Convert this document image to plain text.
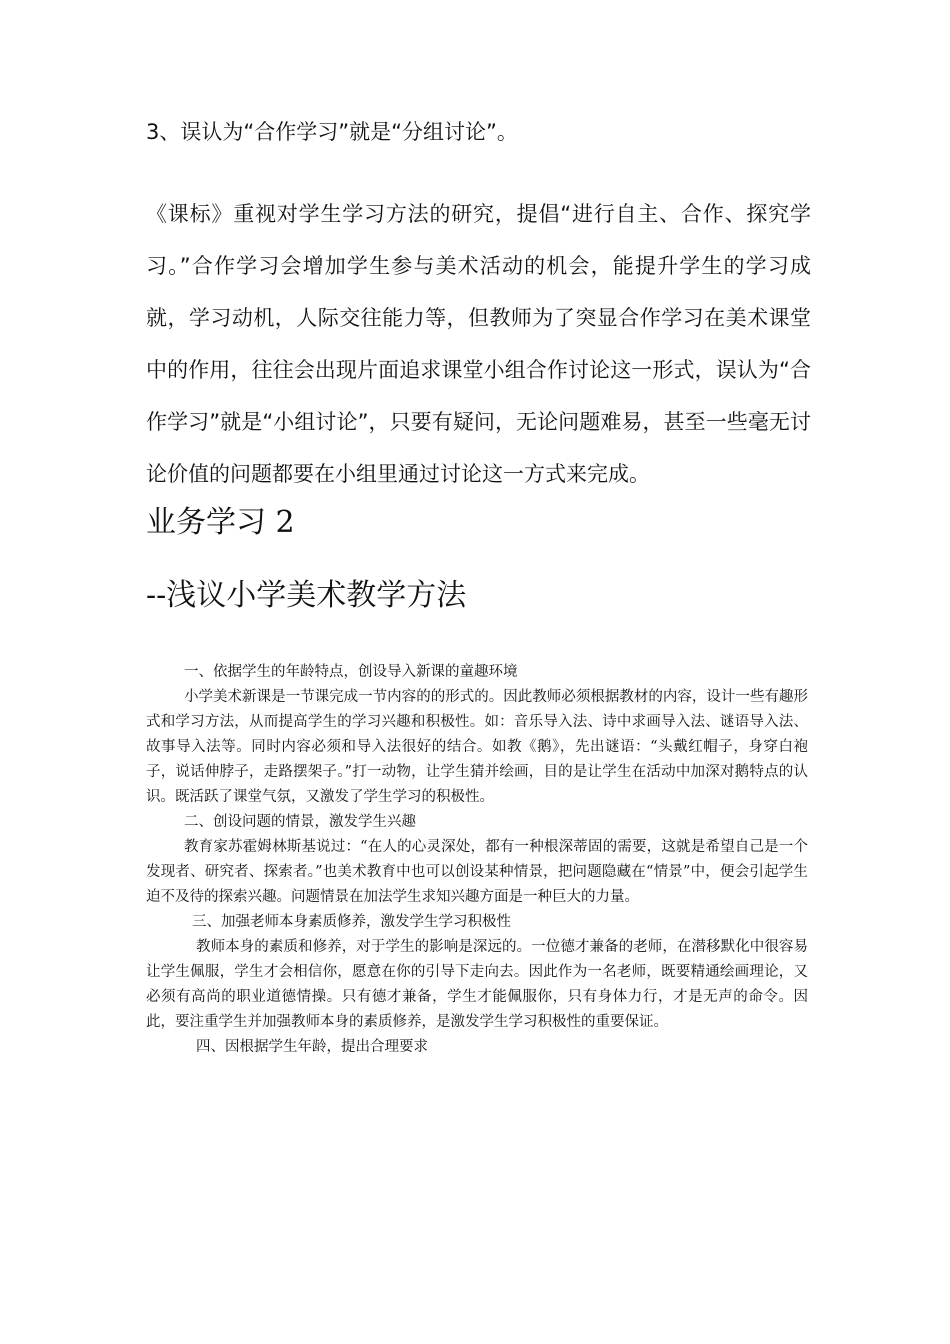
3、误认为“合作学习”就是“分组讨论”。

《课标》重视对学生学习方法的研究，提倡“进行自主、合作、探究学习。”合作学习会增加学生参与美术活动的机会，能提升学生的学习成就，学习动机，人际交往能力等，但教师为了突显合作学习在美术课堂中的作用，往往会出现片面追求课堂小组合作讨论这一形式，误认为“合作学习”就是“小组讨论”，只要有疑问，无论问题难易，甚至一些毫无讨论价值的问题都要在小组里通过讨论这一方式来完成。

业务学习 2
--浅议小学美术教学方法

一、依据学生的年龄特点，创设导入新课的童趣环境

小学美术新课是一节课完成一节内容的的形式的。因此教师必须根据教材的内容，设计一些有趣形式和学习方法，从而提高学生的学习兴趣和积极性。如：音乐导入法、诗中求画导入法、谜语导入法、故事导入法等。同时内容必须和导入法很好的结合。如教《鹅》，先出谜语：“头戴红帽子，身穿白袍子，说话伸脖子，走路摆架子。”打一动物，让学生猜并绘画，目的是让学生在活动中加深对鹅特点的认识。既活跃了课堂气氛，又激发了学生学习的积极性。

二、创设问题的情景，激发学生兴趣

教育家苏霍姆林斯基说过：“在人的心灵深处，都有一种根深蒂固的需要，这就是希望自己是一个发现者、研究者、探索者。”也美术教育中也可以创设某种情景，把问题隐藏在“情景”中，便会引起学生迫不及待的探索兴趣。问题情景在加法学生求知兴趣方面是一种巨大的力量。

三、加强老师本身素质修养，激发学生学习积极性

教师本身的素质和修养，对于学生的影响是深远的。一位德才兼备的老师，在潜移默化中很容易让学生佩服，学生才会相信你，愿意在你的引导下走向去。因此作为一名老师，既要精通绘画理论，又必须有高尚的职业道德情操。只有德才兼备，学生才能佩服你，只有身体力行，才是无声的命令。因此，要注重学生并加强教师本身的素质修养，是激发学生学习积极性的重要保证。

四、因根据学生年龄，提出合理要求
